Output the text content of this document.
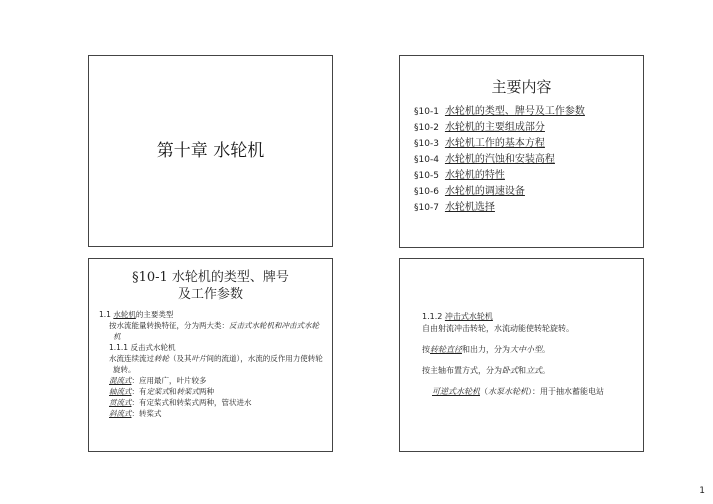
第十章 水轮机
主要内容
§10-1 水轮机的类型、牌号及工作参数
§10-2 水轮机的主要组成部分
§10-3 水轮机工作的基本方程
§10-4 水轮机的汽蚀和安装高程
§10-5 水轮机的特性
§10-6 水轮机的调速设备
§10-7 水轮机选择
§10-1 水轮机的类型、牌号
及工作参数

1.1 水轮机的主要类型

按水流能量转换特征，分为两大类：反击式水轮机和冲击式水轮机

1.1.1 反击式水轮机

水流连续流过转轮（及其叶片间的流道），水流的反作用力使转轮旋转。

混流式：应用最广，叶片较多

轴流式：有定桨式和转桨式两种

贯流式：有定桨式和转桨式两种，管状进水

斜流式：转桨式

1.1.2 冲击式水轮机

自由射流冲击转轮，水流动能使转轮旋转。

按转轮直径和出力，分为大中小型。

按主轴布置方式，分为卧式和立式。

可逆式水轮机（水泵水轮机）：用于抽水蓄能电站

1
